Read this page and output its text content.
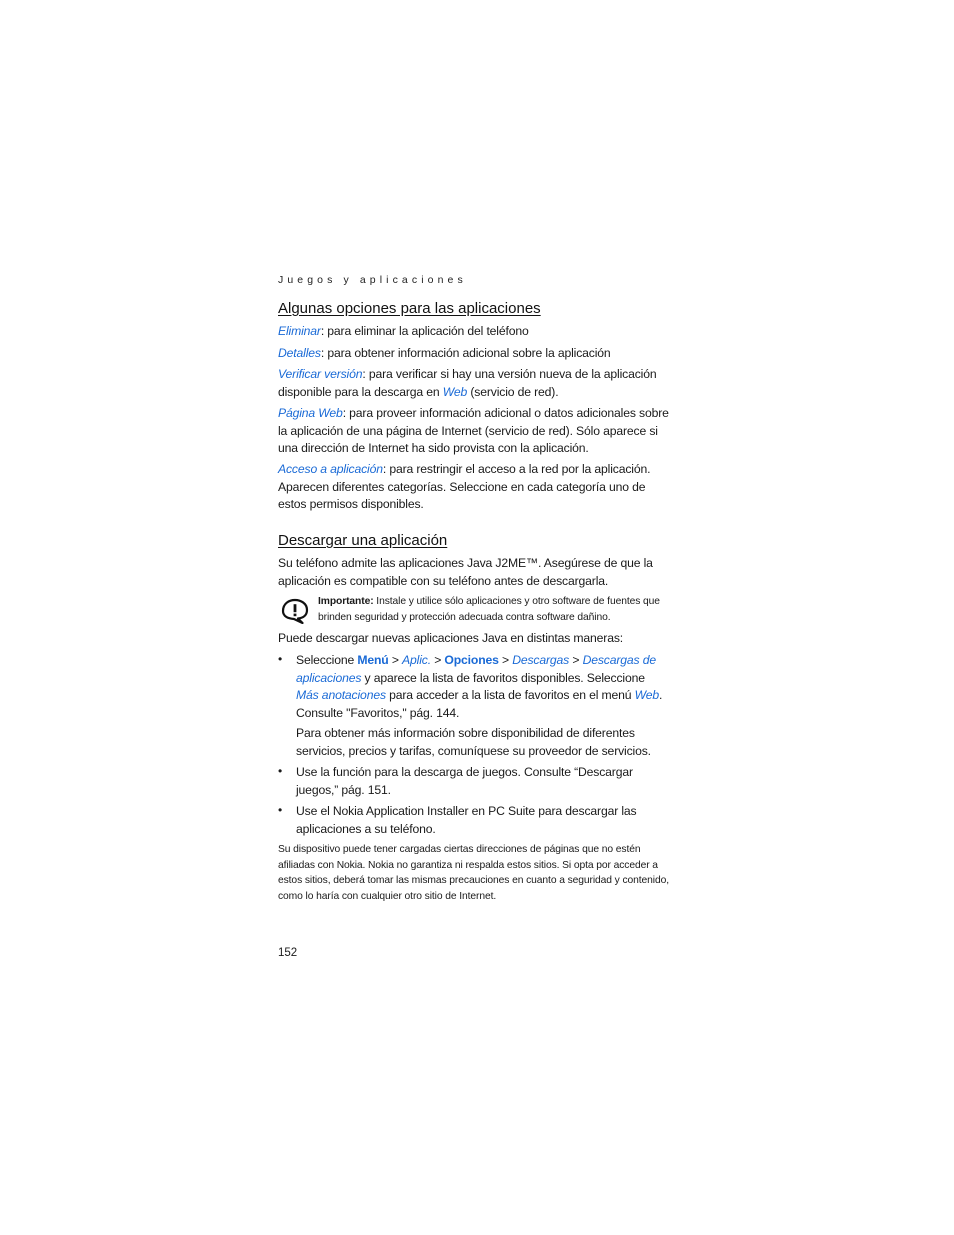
Juegos y aplicaciones
Algunas opciones para las aplicaciones

Eliminar: para eliminar la aplicación del teléfono

Detalles: para obtener información adicional sobre la aplicación

Verificar versión: para verificar si hay una versión nueva de la aplicación disponible para la descarga en Web (servicio de red).

Página Web: para proveer información adicional o datos adicionales sobre la aplicación de una página de Internet (servicio de red). Sólo aparece si una dirección de Internet ha sido provista con la aplicación.

Acceso a aplicación: para restringir el acceso a la red por la aplicación. Aparecen diferentes categorías. Seleccione en cada categoría uno de estos permisos disponibles.

Descargar una aplicación

Su teléfono admite las aplicaciones Java J2ME™. Asegúrese de que la aplicación es compatible con su teléfono antes de descargarla.

Importante: Instale y utilice sólo aplicaciones y otro software de fuentes que brinden seguridad y protección adecuada contra software dañino.

Puede descargar nuevas aplicaciones Java en distintas maneras:

• Seleccione Menú > Aplic. > Opciones > Descargas > Descargas de aplicaciones y aparece la lista de favoritos disponibles. Seleccione Más anotaciones para acceder a la lista de favoritos en el menú Web. Consulte "Favoritos," pág. 144.

Para obtener más información sobre disponibilidad de diferentes servicios, precios y tarifas, comuníquese su proveedor de servicios.

• Use la función para la descarga de juegos. Consulte “Descargar juegos,” pág. 151.

• Use el Nokia Application Installer en PC Suite para descargar las aplicaciones a su teléfono.

Su dispositivo puede tener cargadas ciertas direcciones de páginas que no estén afiliadas con Nokia. Nokia no garantiza ni respalda estos sitios. Si opta por acceder a estos sitios, deberá tomar las mismas precauciones en cuanto a seguridad y contenido, como lo haría con cualquier otro sitio de Internet.

152
